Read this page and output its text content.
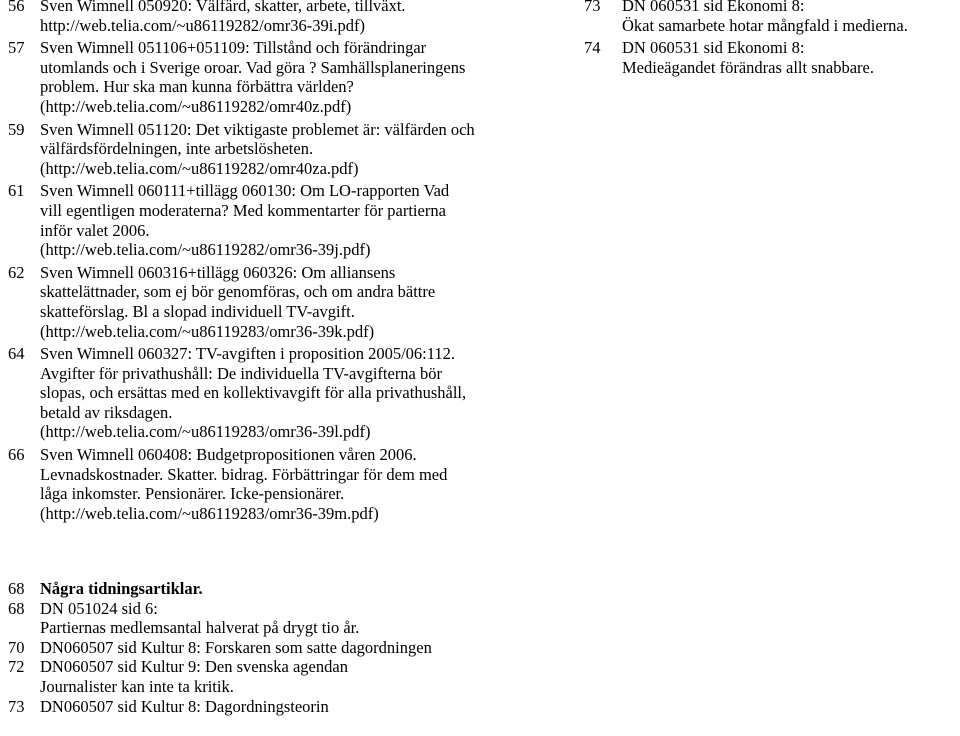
56 Sven Wimnell 050920: Välfärd, skatter, arbete, tillväxt.
http://web.telia.com/~u86119282/omr36-39i.pdf)
57 Sven Wimnell 051106+051109: Tillstånd och förändringar
utomlands och i Sverige oroar. Vad göra ? Samhällsplaneringens
problem. Hur ska man kunna förbättra världen?
(http://web.telia.com/~u86119282/omr40z.pdf)
59 Sven Wimnell 051120: Det viktigaste problemet är: välfärden och
välfärdsfördelningen, inte arbetslösheten.
(http://web.telia.com/~u86119282/omr40za.pdf)
61 Sven Wimnell 060111+tillägg 060130: Om LO-rapporten Vad
vill egentligen moderaterna? Med kommentarter för partierna
inför valet 2006.
(http://web.telia.com/~u86119282/omr36-39j.pdf)
62 Sven Wimnell 060316+tillägg 060326: Om alliansens
skattelättnader, som ej bör genomföras, och om andra bättre
skatteförslag. Bl a slopad individuell TV-avgift.
(http://web.telia.com/~u86119283/omr36-39k.pdf)
64 Sven Wimnell 060327: TV-avgiften i proposition 2005/06:112.
Avgifter för privathushåll: De individuella TV-avgifterna bör
slopas, och ersättas med en kollektivavgift för alla privathushåll,
betald av riksdagen.
(http://web.telia.com/~u86119283/omr36-39l.pdf)
66 Sven Wimnell 060408: Budgetpropositionen våren 2006.
Levnadskostnader. Skatter. bidrag. Förbättringar för dem med
låga inkomster. Pensionärer. Icke-pensionärer.
(http://web.telia.com/~u86119283/omr36-39m.pdf)
73	DN 060531 sid Ekonomi 8:
Ökat samarbete hotar mångfald i medierna.
74	DN 060531 sid Ekonomi 8:
Medieägandet förändras allt snabbare.
68 Några tidningsartiklar.
68 DN 051024 sid 6:
Partiernas medlemsantal halverat på drygt tio år.
70 DN060507 sid Kultur 8: Forskaren som satte dagordningen
72 DN060507 sid Kultur 9: Den svenska agendan
Journalister kan inte ta kritik.
73 DN060507 sid Kultur 8: Dagordningsteorin
